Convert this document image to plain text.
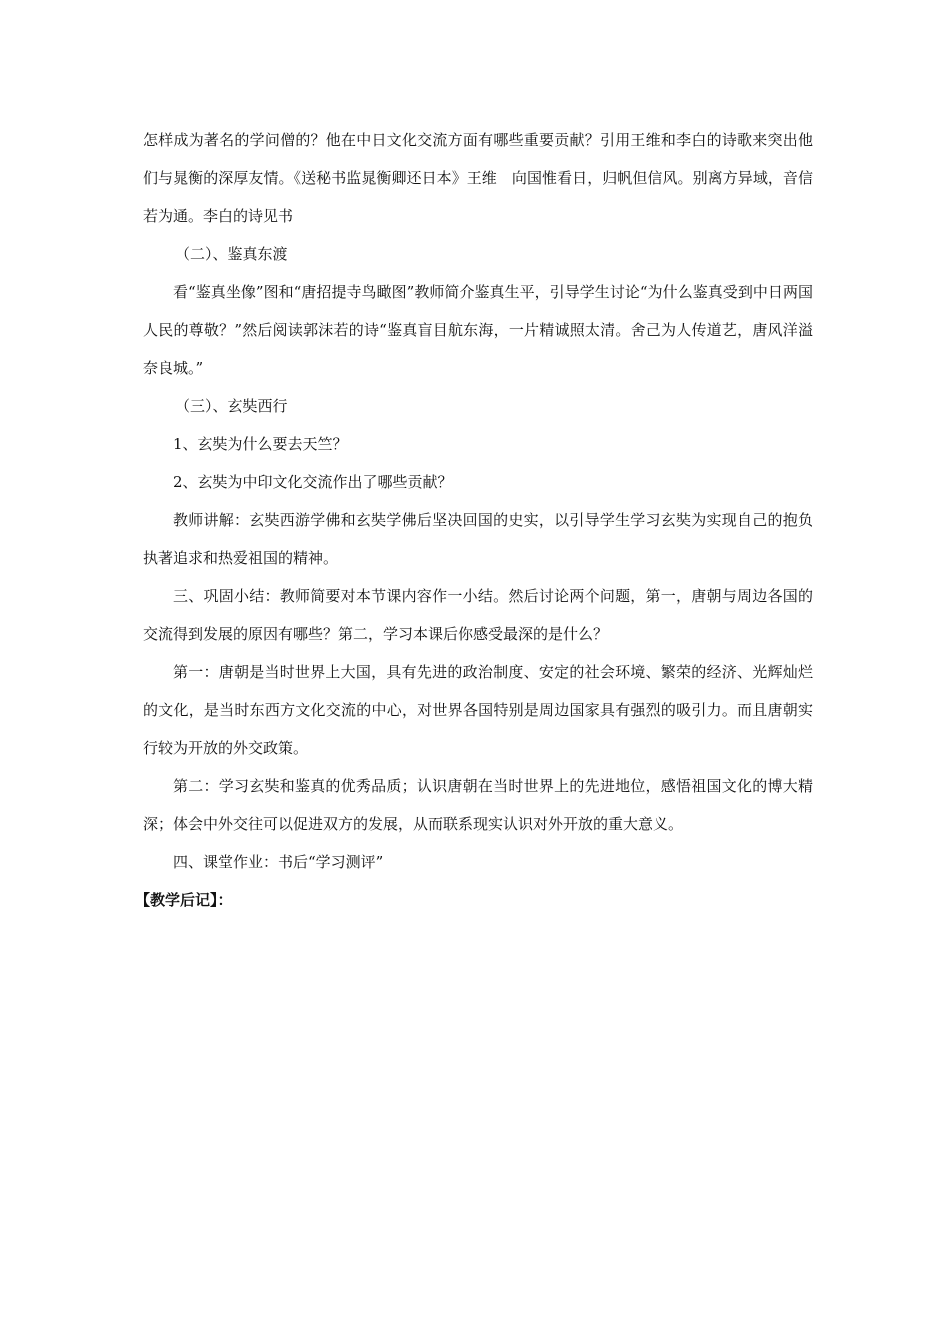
怎样成为著名的学问僧的？他在中日文化交流方面有哪些重要贡献？引用王维和李白的诗歌来突出他们与晁衡的深厚友情。《送秘书监晁衡卿还日本》王维　向国惟看日，归帆但信风。别离方异域，音信若为通。李白的诗见书

（二）、鉴真东渡

看“鉴真坐像”图和“唐招提寺鸟瞰图”教师简介鉴真生平，引导学生讨论“为什么鉴真受到中日两国人民的尊敬？”然后阅读郭沫若的诗“鉴真盲目航东海，一片精诚照太清。舍己为人传道艺，唐风洋溢奈良城。”

（三）、玄奘西行

1、玄奘为什么要去天竺？

2、玄奘为中印文化交流作出了哪些贡献？

教师讲解：玄奘西游学佛和玄奘学佛后坚决回国的史实，以引导学生学习玄奘为实现自己的抱负执著追求和热爱祖国的精神。

三、巩固小结：教师简要对本节课内容作一小结。然后讨论两个问题，第一，唐朝与周边各国的交流得到发展的原因有哪些？第二，学习本课后你感受最深的是什么？

第一：唐朝是当时世界上大国，具有先进的政治制度、安定的社会环境、繁荣的经济、光辉灿烂的文化，是当时东西方文化交流的中心，对世界各国特别是周边国家具有强烈的吸引力。而且唐朝实行较为开放的外交政策。

第二：学习玄奘和鉴真的优秀品质；认识唐朝在当时世界上的先进地位，感悟祖国文化的博大精深；体会中外交往可以促进双方的发展，从而联系现实认识对外开放的重大意义。

四、课堂作业：书后“学习测评”

【教学后记】：
